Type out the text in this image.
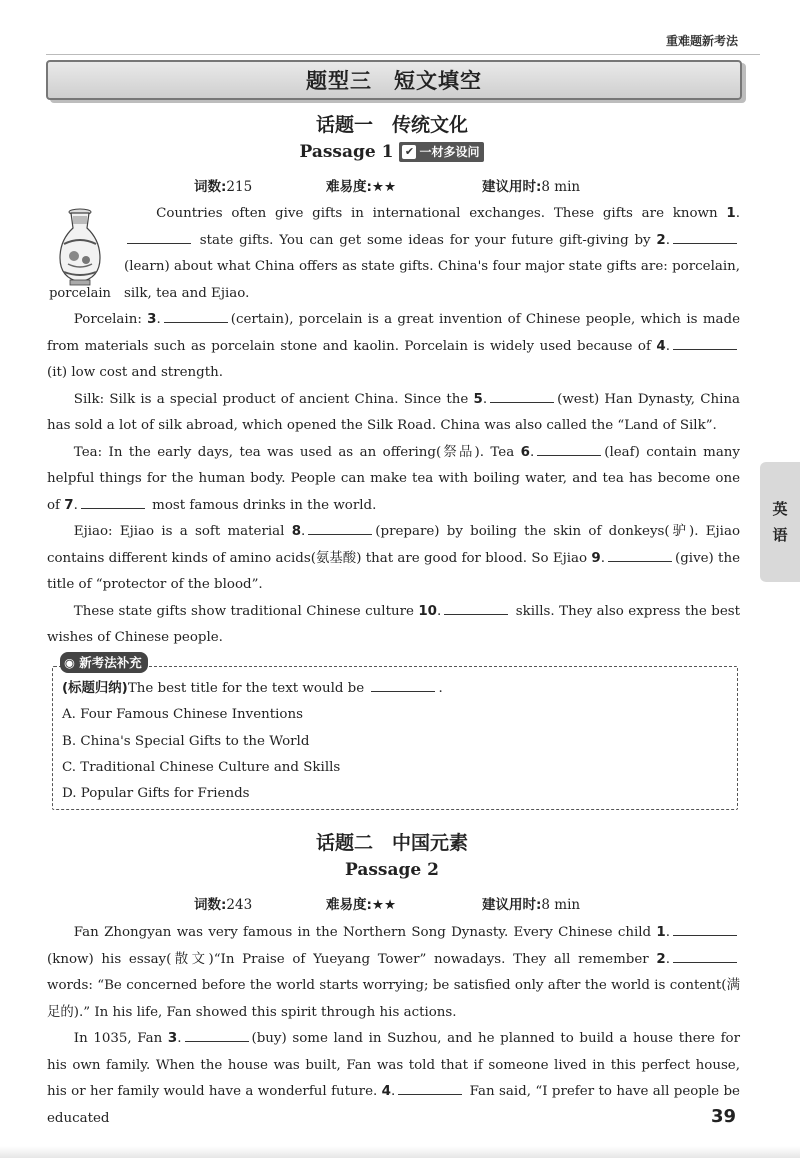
重难题新考法
题型三　短文填空
话题一　传统文化
Passage 1 ✔ 一材多设问
词数:215	难易度:★★	建议用时:8 min
porcelain

Countries often give gifts in international exchanges. These gifts are known 1. state gifts. You can get some ideas for your future gift-giving by 2.(learn) about what China offers as state gifts. China's four major state gifts are: porcelain, silk, tea and Ejiao.

Porcelain: 3.	(certain), porcelain is a great invention of Chinese people, which is made from materials such as porcelain stone and kaolin. Porcelain is widely used because of 4.(it) low cost and strength.

Silk: Silk is a special product of ancient China. Since the 5.	(west) Han Dynasty, China has sold a lot of silk abroad, which opened the Silk Road. China was also called the “Land of Silk”.

Tea: In the early days, tea was used as an offering(祭品). Tea 6.	(leaf) contain many helpful things for the human body. People can make tea with boiling water, and tea has become one of 7.	most famous drinks in the world.

Ejiao: Ejiao is a soft material 8.	(prepare) by boiling the skin of donkeys(驴). Ejiao contains different kinds of amino acids(氨基酸) that are good for blood. So Ejiao 9.	(give) the title of “protector of the blood”.

These state gifts show traditional Chinese culture 10.	skills. They also express the best wishes of Chinese people.

◉ 新考法补充
(标题归纳)The best title for the text would be	.
A. Four Famous Chinese Inventions
B. China's Special Gifts to the World
C. Traditional Chinese Culture and Skills
D. Popular Gifts for Friends
话题二　中国元素
Passage 2
词数:243	难易度:★★	建议用时:8 min

Fan Zhongyan was very famous in the Northern Song Dynasty. Every Chinese child 1.(know) his essay(散文)“In Praise of Yueyang Tower” nowadays. They all remember 2. words: “Be concerned before the world starts worrying; be satisfied only after the world is content(满足的).” In his life, Fan showed this spirit through his actions.

In 1035, Fan 3.	(buy) some land in Suzhou, and he planned to build a house there for his own family. When the house was built, Fan was told that if someone lived in this perfect house, his or her family would have a wonderful future. 4.	Fan said, “I prefer to have all people be educated

英
语
39
